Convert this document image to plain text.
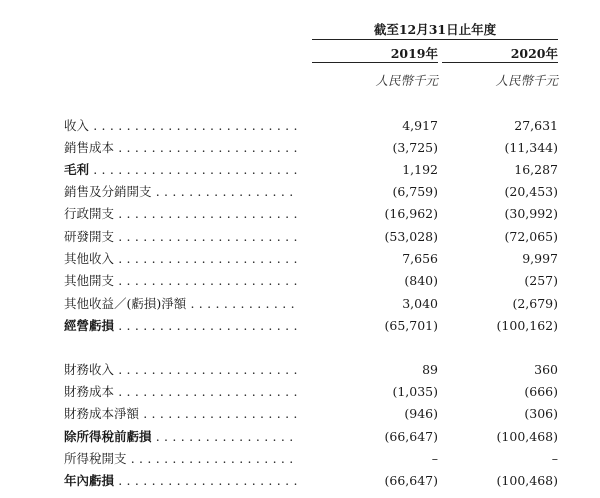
截至12月31日止年度
2019年	2020年
人民幣千元	人民幣千元
收入 . . .	4,917	27,631
銷售成本 . . .	(3,725)	(11,344)
毛利 . . .	1,192	16,287
銷售及分銷開支 . . .	(6,759)	(20,453)
行政開支 . . .	(16,962)	(30,992)
研發開支 . . .	(53,028)	(72,065)
其他收入 . . .	7,656	9,997
其他開支 . . .	(840)	(257)
其他收益／(虧損)淨額 . . .	3,040	(2,679)
經營虧損 . . .	(65,701)	(100,162)
財務收入 . . .	89	360
財務成本 . . .	(1,035)	(666)
財務成本淨額 . . .	(946)	(306)
除所得稅前虧損 . . .	(66,647)	(100,468)
所得稅開支 . . .	–	–
年內虧損 . . .	(66,647)	(100,468)
